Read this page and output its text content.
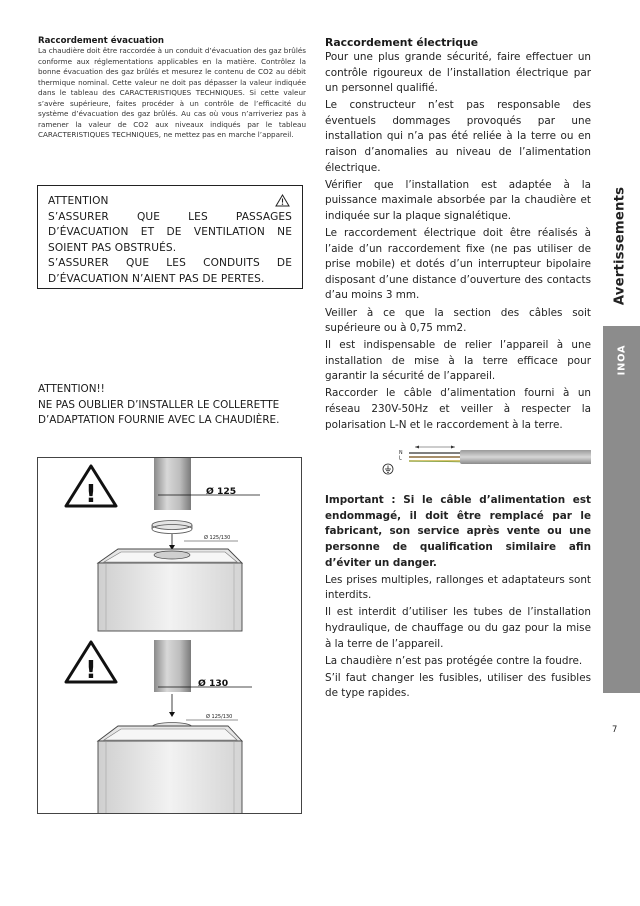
Raccordement évacuation
La chaudière doit être raccordée à un conduit d’évacuation des gaz brûlés conforme aux réglementations applicables en la matière. Contrôlez la bonne évacuation des gaz brûlés et mesurez le contenu de CO2 au débit thermique nominal. Cette valeur ne doit pas dépasser la valeur indiquée dans le tableau des CARACTERISTIQUES TECHNIQUES. Si cette valeur s’avère supérieure, faites procéder à un contrôle de l’efficacité du système d’évacuation des gaz brûlés. Au cas où vous n’arriveriez pas à ramener la valeur de CO2 aux niveaux indiqués par le tableau CARACTERISTIQUES TECHNIQUES, ne mettez pas en marche l’appareil.
ATTENTION
S’ASSURER QUE LES PASSAGES
D’ÉVACUATION ET DE VENTILATION NE
SOIENT PAS OBSTRUÉS.
S’ASSURER QUE LES CONDUITS DE
D’ÉVACUATION N’AIENT PAS DE PERTES.
ATTENTION!!
NE PAS OUBLIER D’INSTALLER LE COLLERETTE
D’ADAPTATION FOURNIE AVEC LA CHAUDIÈRE.
!	Ø 125
Ø 125/130
!	Ø 130
Ø 125/130
Raccordement électrique

Pour une plus grande sécurité, faire effectuer un contrôle rigoureux de l’installation électrique par un personnel qualifié.

Le constructeur n’est pas responsable des éventuels dommages provoqués par une installation qui n’a pas été reliée à la terre ou en raison d’anomalies au niveau de l’alimentation électrique.

Vérifier que l’installation est adaptée à la puissance maximale absorbée par la chaudière et indiquée sur la plaque signalétique.

Le raccordement électrique doit être réalisés à l’aide d’un raccordement fixe (ne pas utiliser de prise mobile) et dotés d’un interrupteur bipolaire disposant d’une distance d’ouverture des contacts d’au moins 3 mm.

Veiller à ce que la section des câbles soit supérieure ou à 0,75 mm2.

Il est indispensable de relier l’appareil à une installation de mise à la terre efficace pour garantir la sécurité de l’appareil.

Raccorder le câble d’alimentation fourni à un réseau 230V-50Hz et veiller à respecter la polarisation L-N et le raccordement à la terre.

N
L

Important : Si le câble d’alimentation est endommagé, il doit être remplacé par le fabricant, son service après vente ou une personne de qualification similaire afin d’éviter un danger.

Les prises multiples, rallonges et adaptateurs sont interdits.

Il est interdit d’utiliser les tubes de l’installation hydraulique, de chauffage ou du gaz pour la mise à la terre de l’appareil.

La chaudière n’est pas protégée contre la foudre.

S’il faut changer les fusibles, utiliser des fusibles de type rapides.

Avertissements
INOA
7
